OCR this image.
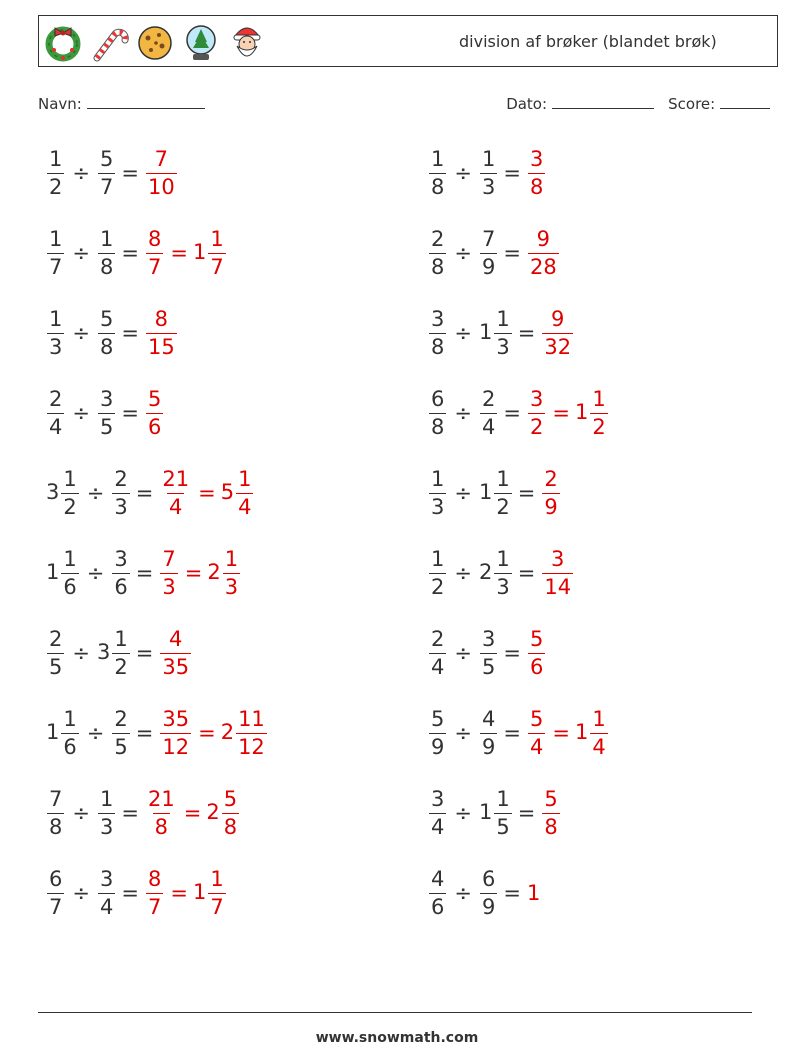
division af brøker (blandet brøk)
Navn:	Dato:	Score:
$\frac{1}{2} \div \frac{5}{7} = \frac{7}{10}$	$\frac{1}{8} \div \frac{1}{3} = \frac{3}{8}$
$\frac{1}{7} \div \frac{1}{8} = \frac{8}{7} = 1 \frac{1}{7}$	$\frac{2}{8} \div \frac{7}{9} = \frac{9}{28}$
$\frac{1}{3} \div \frac{5}{8} = \frac{8}{15}$	$\frac{3}{8} \div 1 \frac{1}{3} = \frac{9}{32}$
$\frac{2}{4} \div \frac{3}{5} = \frac{5}{6}$	$\frac{6}{8} \div \frac{2}{4} = \frac{3}{2} = 1 \frac{1}{2}$
$3 \frac{1}{2} \div \frac{2}{3} = \frac{21}{4} = 5 \frac{1}{4}$	$\frac{1}{3} \div 1 \frac{1}{2} = \frac{2}{9}$
$1 \frac{1}{6} \div \frac{3}{6} = \frac{7}{3} = 2 \frac{1}{3}$	$\frac{1}{2} \div 2 \frac{1}{3} = \frac{3}{14}$
$\frac{2}{5} \div 3 \frac{1}{2} = \frac{4}{35}$	$\frac{2}{4} \div \frac{3}{5} = \frac{5}{6}$
$1 \frac{1}{6} \div \frac{2}{5} = \frac{35}{12} = 2 \frac{11}{12}$	$\frac{5}{9} \div \frac{4}{9} = \frac{5}{4} = 1 \frac{1}{4}$
$\frac{7}{8} \div \frac{1}{3} = \frac{21}{8} = 2 \frac{5}{8}$	$\frac{3}{4} \div 1 \frac{1}{5} = \frac{5}{8}$
$\frac{6}{7} \div \frac{3}{4} = \frac{8}{7} = 1 \frac{1}{7}$	$\frac{4}{6} \div \frac{6}{9} = 1$
www.snowmath.com
